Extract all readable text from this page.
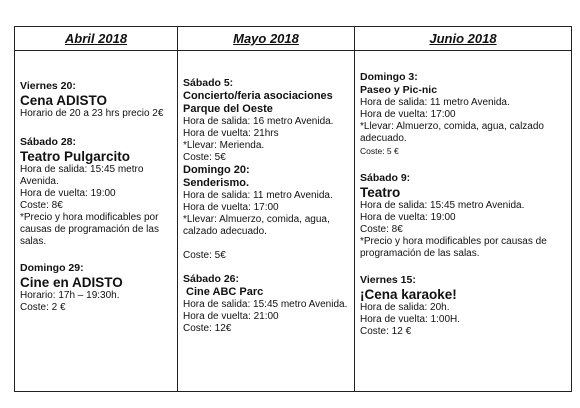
Abril 2018
Viernes 20:
Cena ADISTO
Horario de 20 a 23 hrs precio 2€
Sábado 28:
Teatro Pulgarcito
Hora de salida: 15:45 metro
Avenida.
Hora de vuelta: 19:00
Coste: 8€
*Precio y hora modificables por
causas de programación de las
salas.
Domingo 29:
Cine en ADISTO
Horario: 17h – 19:30h.
Coste: 2 €
Mayo 2018
Sábado 5:
Concierto/feria asociaciones
Parque del Oeste
Hora de salida: 16 metro Avenida.
Hora de vuelta: 21hrs
*Llevar: Merienda.
Coste: 5€
Domingo 20:
Senderismo.
Hora de salida: 11 metro Avenida.
Hora de vuelta: 17:00
*Llevar: Almuerzo, comida, agua,
calzado adecuado.
Coste: 5€
Sábado 26:
Cine ABC Parc
Hora de salida: 15:45 metro Avenida.
Hora de vuelta: 21:00
Coste: 12€
Junio 2018
Domingo 3:
Paseo y Pic-nic
Hora de salida: 11 metro Avenida.
Hora de vuelta: 17:00
*Llevar: Almuerzo, comida, agua, calzado
adecuado.
Coste: 5 €
Sábado 9:
Teatro
Hora de salida: 15:45 metro Avenida.
Hora de vuelta: 19:00
Coste: 8€
*Precio y hora modificables por causas de
programación de las salas.
Viernes 15:
¡Cena karaoke!
Hora de salida: 20h.
Hora de vuelta: 1:00H.
Coste: 12 €
